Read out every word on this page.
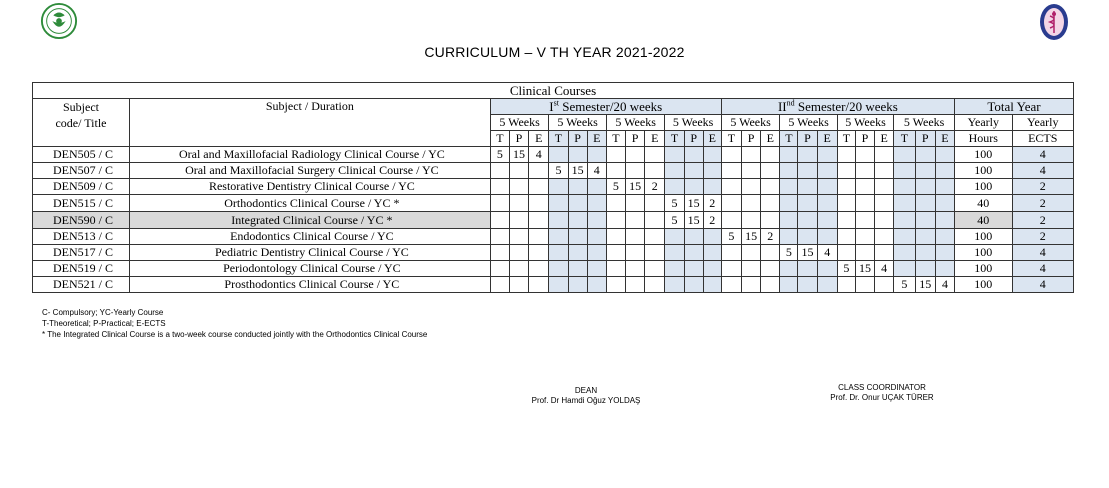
CURRICULUM – V TH YEAR 2021-2022
Clinical Courses																											
Subject
code/ Title	Subject / Duration	Ist Semester/20 weeks												IInd Semester/20 weeks												Total Year	
		5 Weeks			5 Weeks			5 Weeks			5 Weeks			5 Weeks			5 Weeks			5 Weeks			5 Weeks			Yearly	Yearly
		T	P	E	T	P	E	T	P	E	T	P	E	T	P	E	T	P	E	T	P	E	T	P	E	Hours	ECTS
DEN505 / C	Oral and Maxillofacial Radiology Clinical Course / YC	5	15	4																						100	4
DEN507 / C	Oral and Maxillofacial Surgery Clinical Course / YC				5	15	4																			100	4
DEN509 / C	Restorative Dentistry Clinical Course / YC							5	15	2																100	2
DEN515 / C	Orthodontics Clinical Course / YC *										5	15	2													40	2
DEN590 / C	Integrated Clinical Course / YC *										5	15	2													40	2
DEN513 / C	Endodontics Clinical Course / YC													5	15	2										100	2
DEN517 / C	Pediatric Dentistry Clinical Course / YC																5	15	4							100	4
DEN519 / C	Periodontology Clinical Course / YC																			5	15	4				100	4
DEN521 / C	Prosthodontics Clinical Course / YC																						5	15	4	100	4
C- Compulsory; YC-Yearly Course
T-Theoretical; P-Practical; E-ECTS
* The Integrated Clinical Course is a two-week course conducted jointly with the Orthodontics Clinical Course
DEAN
Prof. Dr Hamdi Oğuz YOLDAŞ
CLASS COORDINATOR
Prof. Dr. Onur UÇAK TÜRER
